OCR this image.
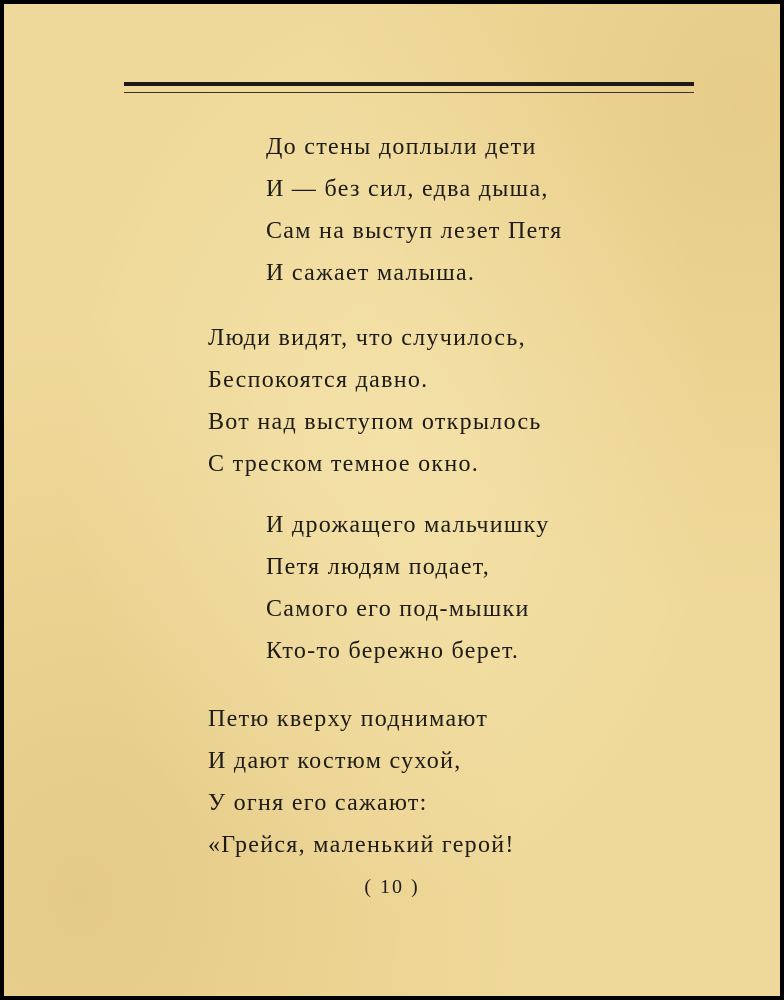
До стены доплыли дети
И — без сил, едва дыша,
Сам на выступ лезет Петя
И сажает малыша.
Люди видят, что случилось,
Беспокоятся давно.
Вот над выступом открылось
С треском темное окно.
И дрожащего мальчишку
Петя людям подает,
Самого его под-мышки
Кто-то бережно берет.
Петю кверху поднимают
И дают костюм сухой,
У огня его сажают:
«Грейся, маленький герой!
( 10 )
